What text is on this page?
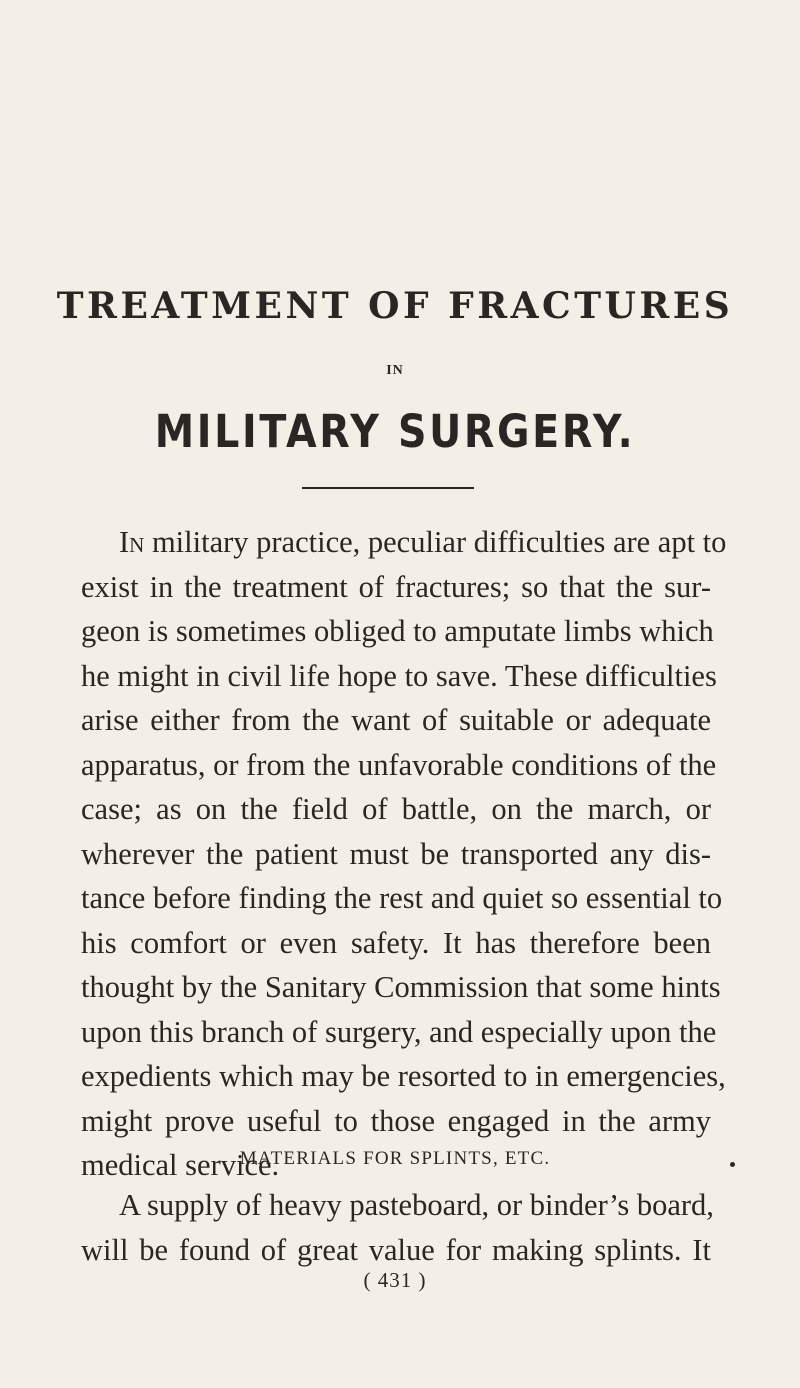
TREATMENT OF FRACTURES
IN
MILITARY SURGERY.
In military practice, peculiar difficulties are apt to
exist in the treatment of fractures; so that the sur-
geon is sometimes obliged to amputate limbs which
he might in civil life hope to save. These difficulties
arise either from the want of suitable or adequate
apparatus, or from the unfavorable conditions of the
case; as on the field of battle, on the march, or
wherever the patient must be transported any dis-
tance before finding the rest and quiet so essential to
his comfort or even safety. It has therefore been
thought by the Sanitary Commission that some hints
upon this branch of surgery, and especially upon the
expedients which may be resorted to in emergencies,
might prove useful to those engaged in the army
medical service.
MATERIALS FOR SPLINTS, ETC.
A supply of heavy pasteboard, or binder’s board,
will be found of great value for making splints. It
( 431 )
